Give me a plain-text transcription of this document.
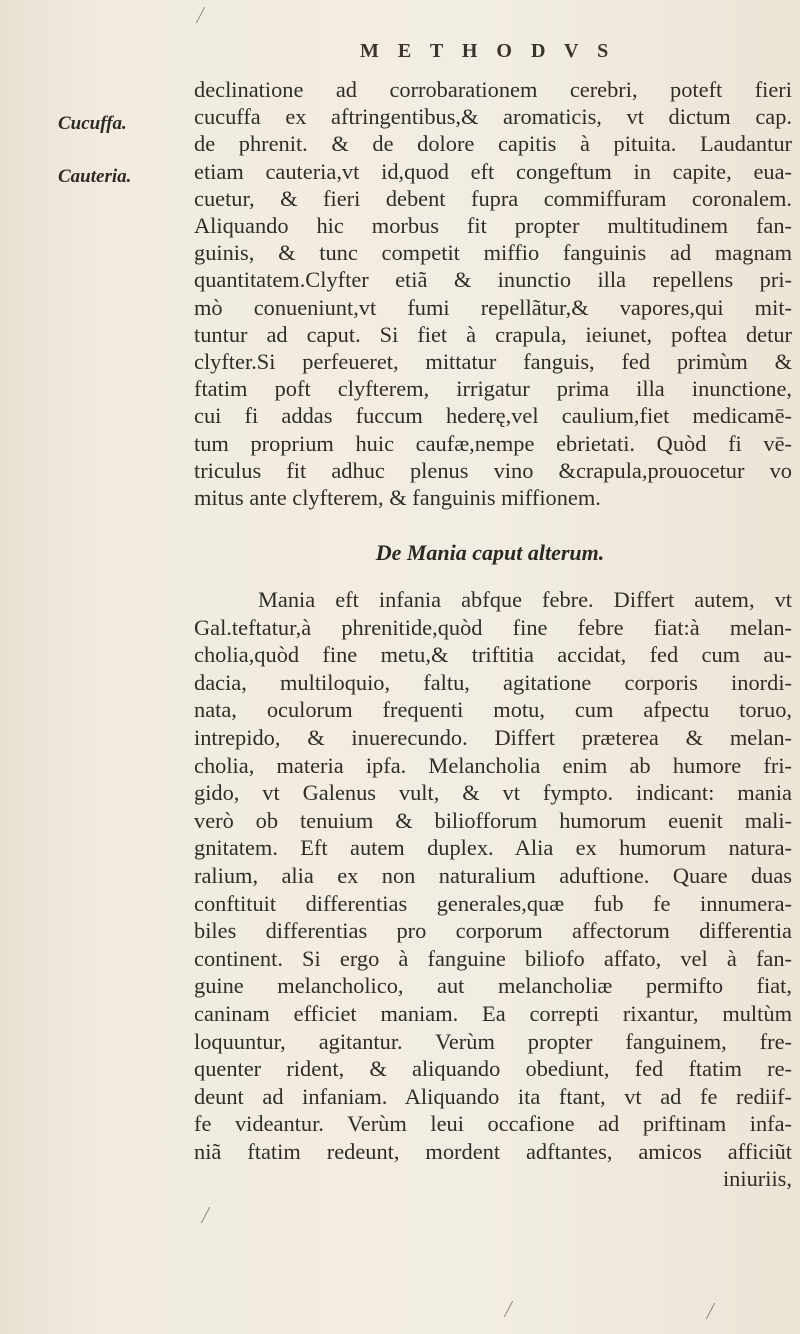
M E T H O D V S
Cucuffa.
Cauteria.
declinatione ad corrobarationem cerebri, poteft fieri
cucuffa ex aftringentibus,& aromaticis, vt dictum cap.
de phrenit. & de dolore capitis à pituita. Laudantur
etiam cauteria,vt id,quod eft congeftum in capite, eua-
cuetur, & fieri debent fupra commiffuram coronalem.
Aliquando hic morbus fit propter multitudinem fan-
guinis, & tunc competit miffio fanguinis ad magnam
quantitatem.Clyfter etiã & inunctio illa repellens pri-
mò conueniunt,vt fumi repellãtur,& vapores,qui mit-
tuntur ad caput. Si fiet à crapula, ieiunet, poftea detur
clyfter.Si perfeueret, mittatur fanguis, fed primùm &
ftatim poft clyfterem, irrigatur prima illa inunctione,
cui fi addas fuccum hederę,vel caulium,fiet medicamē-
tum proprium huic caufæ,nempe ebrietati. Quòd fi vē-
triculus fit adhuc plenus vino &crapula,prouocetur vo
mitus ante clyfterem, & fanguinis miffionem.
De Mania caput alterum.
Mania eft infania abfque febre. Differt autem, vt
Gal.teftatur,à phrenitide,quòd fine febre fiat:à melan-
cholia,quòd fine metu,& triftitia accidat, fed cum au-
dacia, multiloquio, faltu, agitatione corporis inordi-
nata, oculorum frequenti motu, cum afpectu toruo,
intrepido, & inuerecundo. Differt præterea & melan-
cholia, materia ipfa. Melancholia enim ab humore fri-
gido, vt Galenus vult, & vt fympto. indicant: mania
verò ob tenuium & biliofforum humorum euenit mali-
gnitatem. Eft autem duplex. Alia ex humorum natura-
ralium, alia ex non naturalium aduftione. Quare duas
conftituit differentias generales,quæ fub fe innumera-
biles differentias pro corporum affectorum differentia
continent. Si ergo à fanguine biliofo affato, vel à fan-
guine melancholico, aut melancholiæ permifto fiat,
caninam efficiet maniam. Ea correpti rixantur, multùm
loquuntur, agitantur. Verùm propter fanguinem, fre-
quenter rident, & aliquando obediunt, fed ftatim re-
deunt ad infaniam. Aliquando ita ftant, vt ad fe rediif-
fe videantur. Verùm leui occafione ad priftinam infa-
niã ftatim redeunt, mordent adftantes, amicos afficiũt
iniuriis,
